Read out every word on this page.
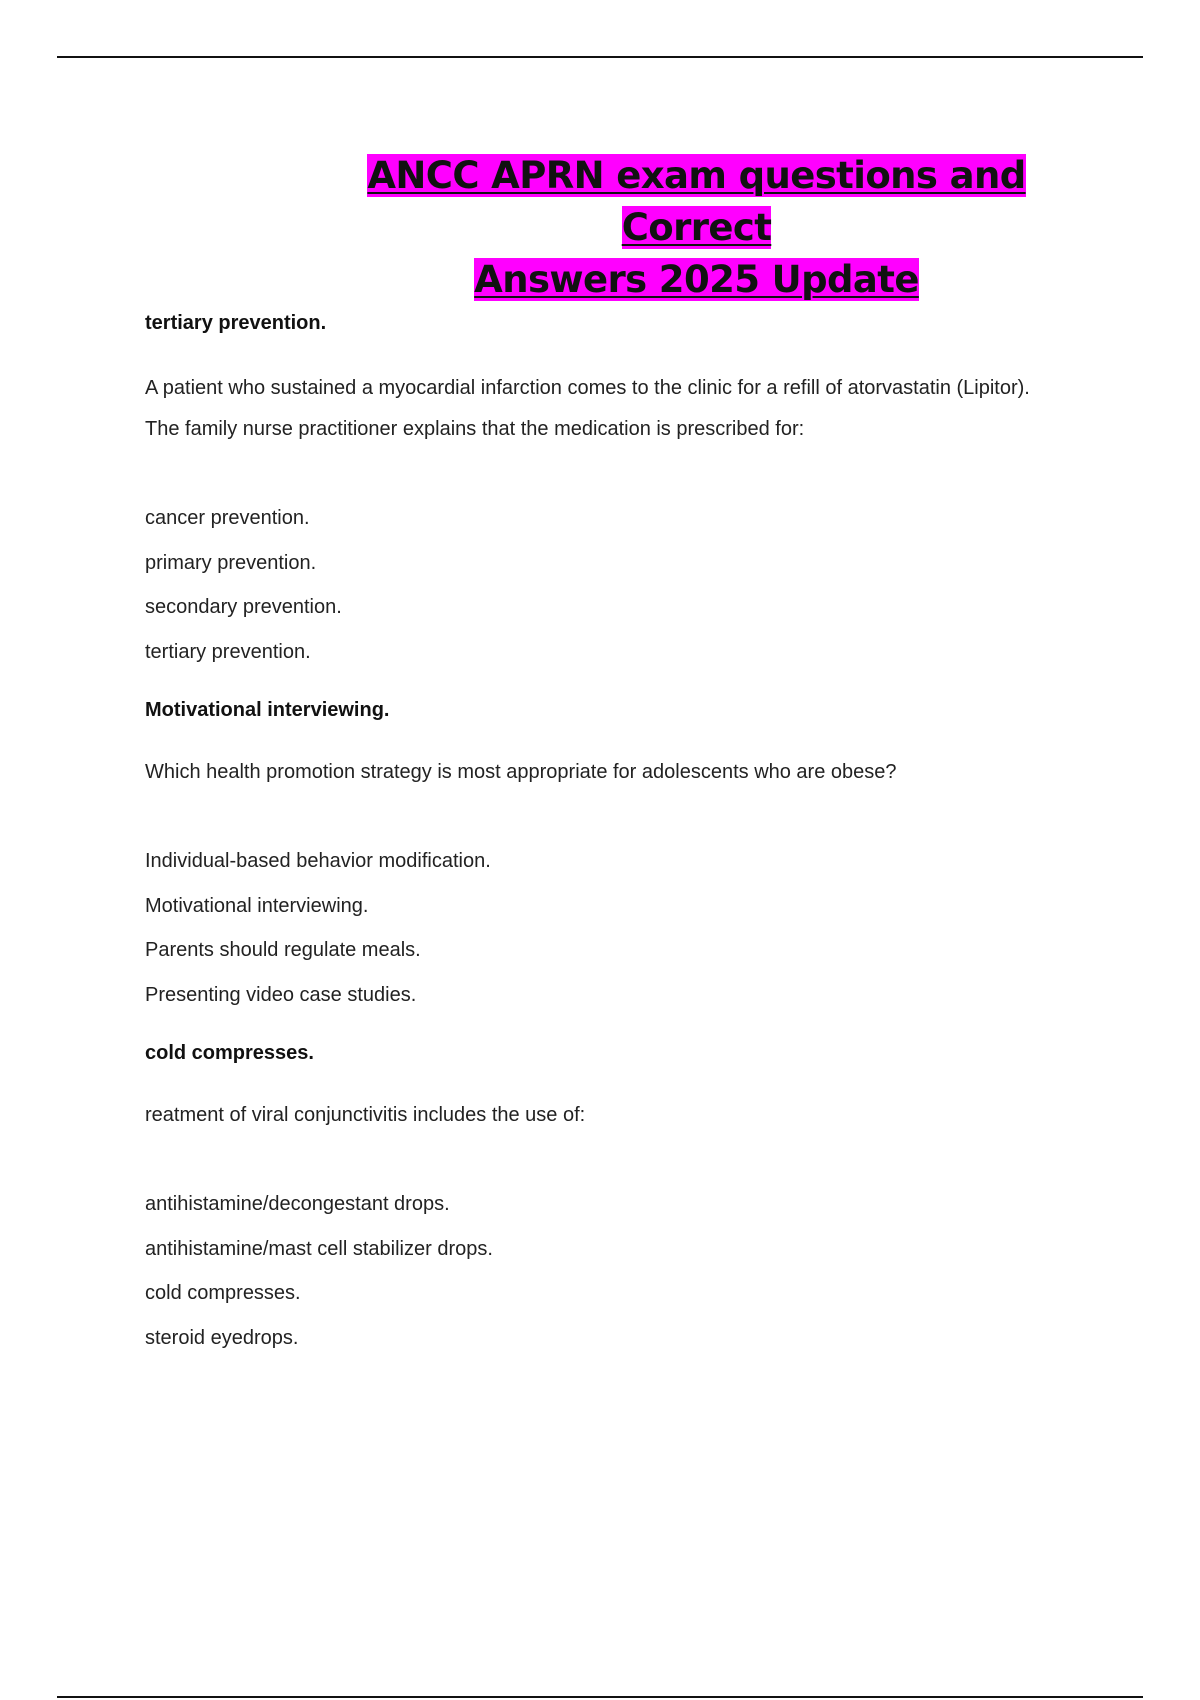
ANCC APRN exam questions and Correct
Answers 2025 Update

tertiary prevention.

A patient who sustained a myocardial infarction comes to the clinic for a refill of atorvastatin (Lipitor). The family nurse practitioner explains that the medication is prescribed for:

cancer prevention.
primary prevention.
secondary prevention.
tertiary prevention.

Motivational interviewing.

Which health promotion strategy is most appropriate for adolescents who are obese?

Individual-based behavior modification.
Motivational interviewing.
Parents should regulate meals.
Presenting video case studies.

cold compresses.

reatment of viral conjunctivitis includes the use of:

antihistamine/decongestant drops.
antihistamine/mast cell stabilizer drops.
cold compresses.
steroid eyedrops.
